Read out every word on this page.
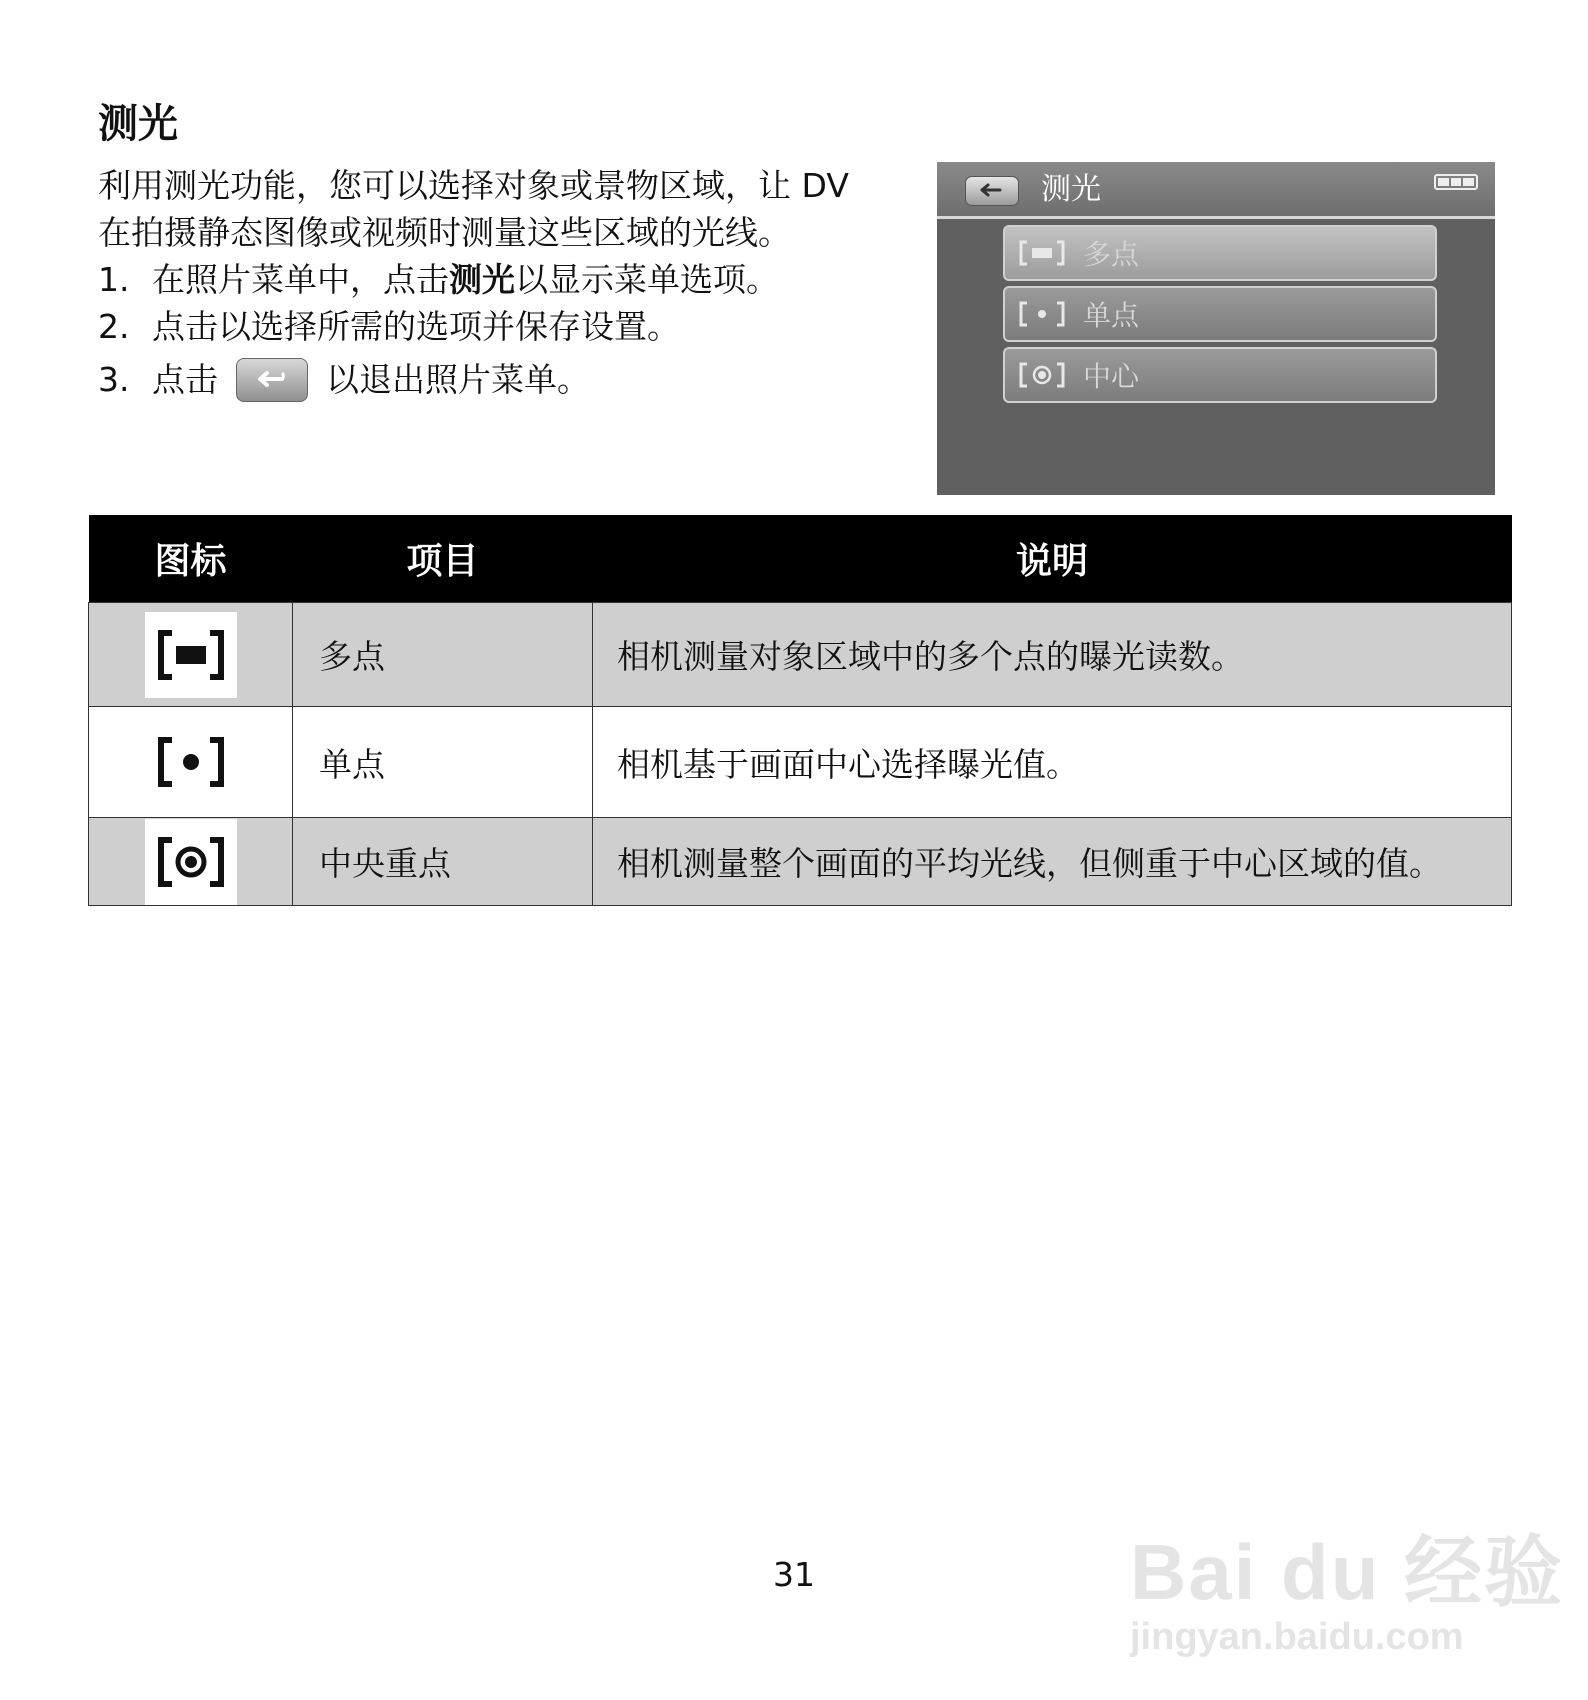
测光

利用测光功能，您可以选择对象或景物区域，让 DV 在拍摄静态图像或视频时测量这些区域的光线。

1. 在照片菜单中，点击 测光 以显示菜单选项。
2. 点击以选择所需的选项并保存设置。
3. 点击	以退出照片菜单。
测光
多点
单点
中心
图标	项目	说明
	多点	相机测量对象区域中的多个点的曝光读数。
	单点	相机基于画面中心选择曝光值。
	中央重点	相机测量整个画面的平均光线，但侧重于中心区域的值。
31	Bai du 经验
jingyan.baidu.com
